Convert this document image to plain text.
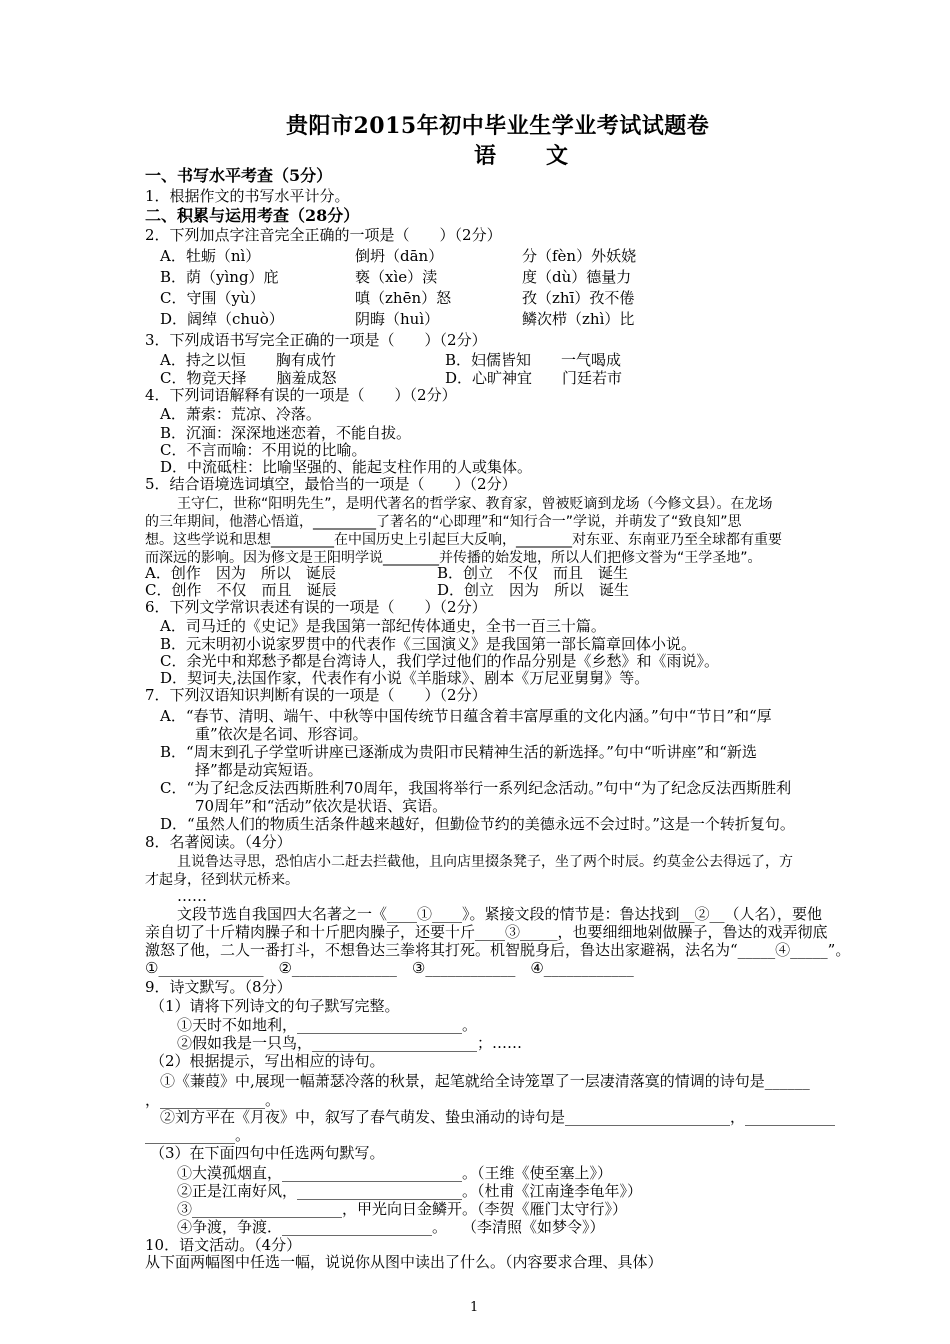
贵阳市2015年初中毕业生学业考试试题卷
语　文
一、书写水平考查（5分）
1．根据作文的书写水平计分。
二、积累与运用考查（28分）
2．下列加点字注音完全正确的一项是（　　）（2分）
A．牡蛎（nì）	倒坍（dān）	分（fèn）外妖娆
B．荫（yìng）庇	亵（xìe）渎	度（dù）德量力
C．守围（yù）	嗔（zhēn）怒	孜（zhī）孜不倦
D．阔绰（chuò）	阴晦（huì）	鳞次栉（zhì）比
3．下列成语书写完全正确的一项是（　　）（2分）
A．持之以恒　　胸有成竹	B．妇儒皆知　　一气喝成
C．物竞天择　　脑羞成怒	D．心旷神宜　　门廷若市
4．下列词语解释有误的一项是（　　）（2分）
A．萧索：荒凉、冷落。
B．沉湎：深深地迷恋着，不能自拔。
C．不言而喻：不用说的比喻。
D．中流砥柱：比喻坚强的、能起支柱作用的人或集体。
5．结合语境选词填空，最恰当的一项是（　　）（2分）
王守仁，世称“阳明先生”，是明代著名的哲学家、教育家，曾被贬谪到龙场（今修文县）。在龙场
的三年期间，他潜心悟道，_________了著名的“心即理”和“知行合一”学说，并萌发了“致良知”思
想。这些学说和思想_________在中国历史上引起巨大反响，________对东亚、东南亚乃至全球都有重要
而深远的影响。因为修文是王阳明学说________并传播的始发地，所以人们把修文誉为“王学圣地”。
A．创作　因为　所以　诞辰	B．创立　不仅　而且　诞生
C．创作　不仅　而且　诞辰	D．创立　因为　所以　诞生
6．下列文学常识表述有误的一项是（　　）（2分）
A．司马迁的《史记》是我国第一部纪传体通史，全书一百三十篇。
B．元末明初小说家罗贯中的代表作《三国演义》是我国第一部长篇章回体小说。
C．余光中和郑愁予都是台湾诗人，我们学过他们的作品分别是《乡愁》和《雨说》。
D．契诃夫,法国作家，代表作有小说《羊脂球》、剧本《万尼亚舅舅》等。
7．下列汉语知识判断有误的一项是（　　）（2分）
A．“春节、清明、端午、中秋等中国传统节日蕴含着丰富厚重的文化内涵。”句中“节日”和“厚
重”依次是名词、形容词。
B．“周末到孔子学堂听讲座已逐渐成为贵阳市民精神生活的新选择。”句中“听讲座”和“新选
择”都是动宾短语。
C．“为了纪念反法西斯胜利70周年，我国将举行一系列纪念活动。”句中“为了纪念反法西斯胜利
70周年”和“活动”依次是状语、宾语。
D．“虽然人们的物质生活条件越来越好，但勤俭节约的美德永远不会过时。”这是一个转折复句。
8．名著阅读。（4分）
且说鲁达寻思，恐怕店小二赶去拦截他，且向店里掇条凳子，坐了两个时辰。约莫金公去得远了，方
才起身，径到状元桥来。
……
文段节选自我国四大名著之一《____①____》。紧接文段的情节是：鲁达找到__②__（人名），要他
亲自切了十斤精肉臊子和十斤肥肉臊子，还要十斤____③_____，也要细细地剁做臊子，鲁达的戏弄彻底
激怒了他，二人一番打斗，不想鲁达三拳将其打死。机智脱身后，鲁达出家避祸，法名为“_____④_____”。
①______________　②______________　③____________　④____________
9．诗文默写。（8分）
（1）请将下列诗文的句子默写完整。
①天时不如地利，______________________。
②假如我是一只鸟，______________________；……
（2）根据提示，写出相应的诗句。
①《蒹葭》中,展现一幅萧瑟冷落的秋景，起笔就给全诗笼罩了一层凄清落寞的情调的诗句是______
，______________。
②刘方平在《月夜》中，叙写了春气萌发、蛰虫涌动的诗句是______________________，____________
____________。
（3）在下面四句中任选两句默写。
①大漠孤烟直，________________________。（王维《使至塞上》）
②正是江南好风，______________________。（杜甫《江南逢李龟年》）
③____________________，甲光向日金鳞开。（李贺《雁门太守行》）
④争渡，争渡．____________________。　　（李清照《如梦令》）
10．语文活动。（4分）
从下面两幅图中任选一幅，说说你从图中读出了什么。（内容要求合理、具体）
1
